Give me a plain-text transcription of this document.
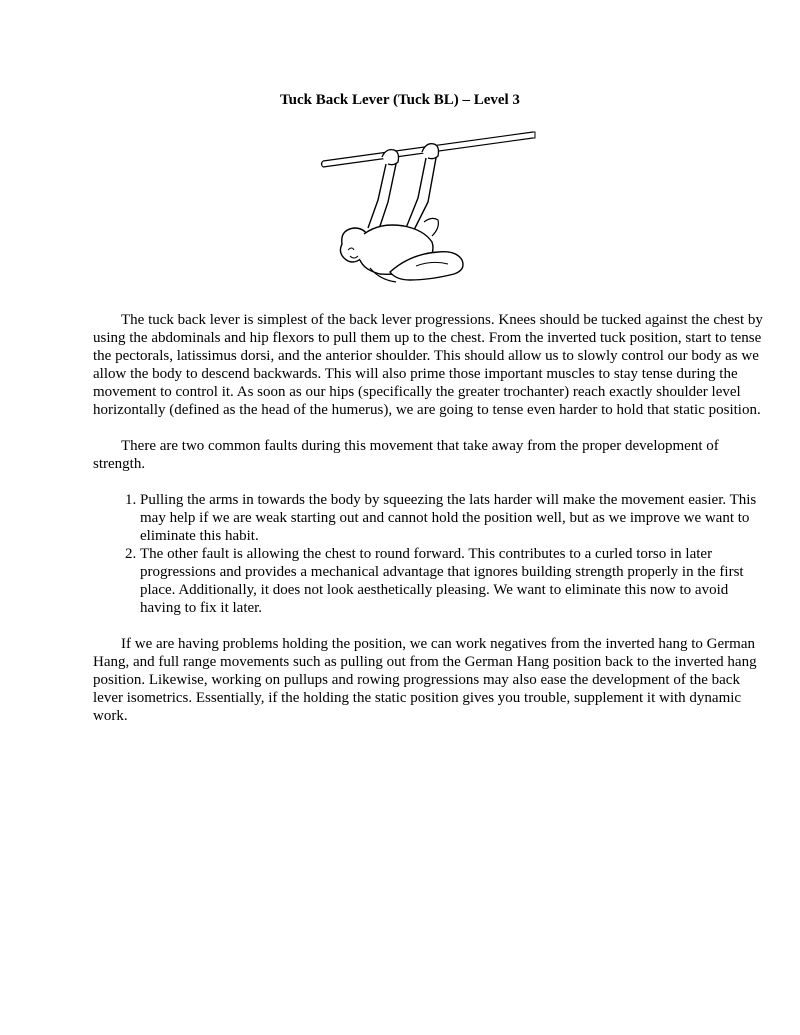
Tuck Back Lever (Tuck BL) – Level 3

The tuck back lever is simplest of the back lever progressions. Knees should be tucked against the chest by using the abdominals and hip flexors to pull them up to the chest. From the inverted tuck position, start to tense the pectorals, latissimus dorsi, and the anterior shoulder. This should allow us to slowly control our body as we allow the body to descend backwards. This will also prime those important muscles to stay tense during the movement to control it. As soon as our hips (specifically the greater trochanter) reach exactly shoulder level horizontally (defined as the head of the humerus), we are going to tense even harder to hold that static position.

There are two common faults during this movement that take away from the proper development of strength.

1. Pulling the arms in towards the body by squeezing the lats harder will make the movement easier. This may help if we are weak starting out and cannot hold the position well, but as we improve we want to eliminate this habit.
2. The other fault is allowing the chest to round forward. This contributes to a curled torso in later progressions and provides a mechanical advantage that ignores building strength properly in the first place. Additionally, it does not look aesthetically pleasing. We want to eliminate this now to avoid having to fix it later.

If we are having problems holding the position, we can work negatives from the inverted hang to German Hang, and full range movements such as pulling out from the German Hang position back to the inverted hang position. Likewise, working on pullups and rowing progressions may also ease the development of the back lever isometrics. Essentially, if the holding the static position gives you trouble, supplement it with dynamic work.
